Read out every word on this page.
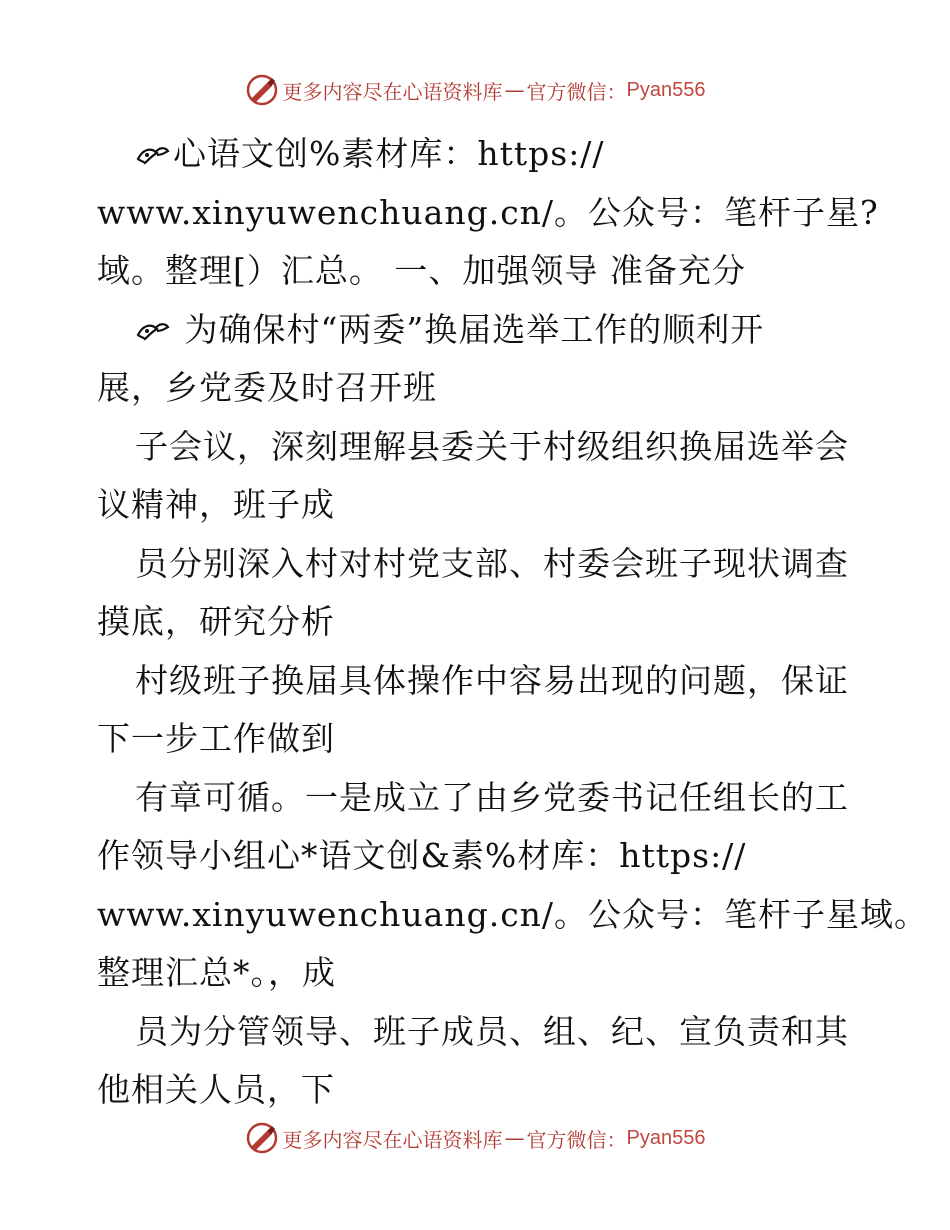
更多内容尽在心语资料库 — 官方微信： Pyan556
心语文创%素材库：https://
www.xinyuwenchuang.cn/。公众号：笔杆子星?
域。整理[）汇总。 一、加强领导 准备充分
为确保村“两委”换届选举工作的顺利开
展，乡党委及时召开班
子会议，深刻理解县委关于村级组织换届选举会
议精神，班子成
员分别深入村对村党支部、村委会班子现状调查
摸底，研究分析
村级班子换届具体操作中容易出现的问题，保证
下一步工作做到
有章可循。一是成立了由乡党委书记任组长的工
作领导小组心*语文创&素%材库：https://
www.xinyuwenchuang.cn/。公众号：笔杆子星域。
整理汇总*。，成
员为分管领导、班子成员、组、纪、宣负责和其
他相关人员，下
更多内容尽在心语资料库 — 官方微信： Pyan556
